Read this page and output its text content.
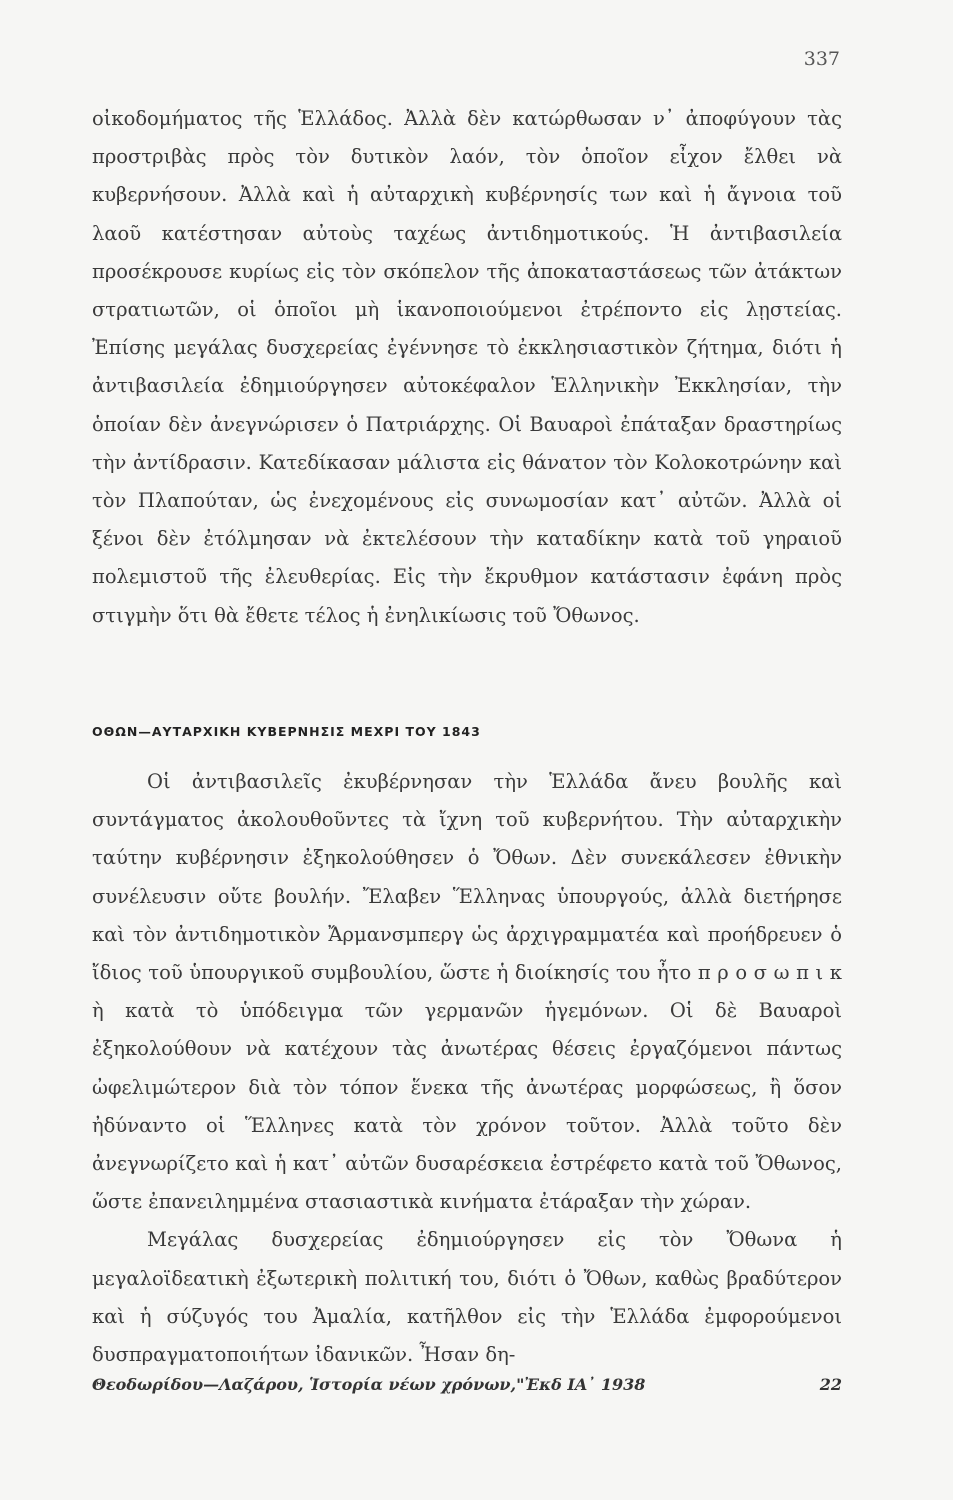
337

οἰκοδομήματος τῆς Ἑλλάδος. Ἀλλὰ δὲν κατώρθωσαν ν᾽ ἀποφύγουν τὰς προστριβὰς πρὸς τὸν δυτικὸν λαόν, τὸν ὁποῖον εἶχον ἔλθει νὰ κυβερνήσουν. Ἀλλὰ καὶ ἡ αὐταρχικὴ κυβέρνησίς των καὶ ἡ ἄγνοια τοῦ λαοῦ κατέστησαν αὐτοὺς ταχέως ἀντιδημοτικούς. Ἡ ἀντιβασιλεία προσέκρουσε κυρίως εἰς τὸν σκόπελον τῆς ἀποκαταστάσεως τῶν ἀτάκτων στρατιωτῶν, οἱ ὁποῖοι μὴ ἱκανοποιούμενοι ἐτρέποντο εἰς λῃστείας. Ἐπίσης μεγάλας δυσχερείας ἐγέννησε τὸ ἐκκλησιαστικὸν ζήτημα, διότι ἡ ἀντιβασιλεία ἐδημιούργησεν αὐτοκέφαλον Ἑλληνικὴν Ἐκκλησίαν, τὴν ὁποίαν δὲν ἀνεγνώρισεν ὁ Πατριάρχης. Οἱ Βαυαροὶ ἐπάταξαν δραστηρίως τὴν ἀντίδρασιν. Κατεδίκασαν μάλιστα εἰς θάνατον τὸν Κολοκοτρώνην καὶ τὸν Πλαπούταν, ὡς ἐνεχομένους εἰς συνωμοσίαν κατ᾽ αὐτῶν. Ἀλλὰ οἱ ξένοι δὲν ἐτόλμησαν νὰ ἐκτελέσουν τὴν καταδίκην κατὰ τοῦ γηραιοῦ πολεμιστοῦ τῆς ἐλευθερίας. Εἰς τὴν ἔκρυθμον κατάστασιν ἐφάνη πρὸς στιγμὴν ὅτι θὰ ἔθετε τέλος ἡ ἐνηλικίωσις τοῦ Ὄθωνος.

ΟΘΩΝ—ΑΥΤΑΡΧΙΚΗ ΚΥΒΕΡΝΗΣΙΣ ΜΕΧΡΙ ΤΟΥ 1843

Οἱ ἀντιβασιλεῖς ἐκυβέρνησαν τὴν Ἑλλάδα ἄνευ βουλῆς καὶ συντάγματος ἀκολουθοῦντες τὰ ἴχνη τοῦ κυβερνήτου. Τὴν αὐταρχικὴν ταύτην κυβέρνησιν ἐξηκολούθησεν ὁ Ὄθων. Δὲν συνεκάλεσεν ἐθνικὴν συνέλευσιν οὔτε βουλήν. Ἔλαβεν Ἕλληνας ὑπουργούς, ἀλλὰ διετήρησε καὶ τὸν ἀντιδημοτικὸν Ἄρμανσμπεργ ὡς ἀρχιγραμματέα καὶ προήδρευεν ὁ ἴδιος τοῦ ὑπουργικοῦ συμβουλίου, ὥστε ἡ διοίκησίς του ἦτο π ρ ο σ ω π ι κ ὴ κατὰ τὸ ὑπόδειγμα τῶν γερμανῶν ἡγεμόνων. Οἱ δὲ Βαυαροὶ ἐξηκολούθουν νὰ κατέχουν τὰς ἀνωτέρας θέσεις ἐργαζόμενοι πάντως ὠφελιμώτερον διὰ τὸν τόπον ἕνεκα τῆς ἀνωτέρας μορφώσεως, ἢ ὅσον ἠδύναντο οἱ Ἕλληνες κατὰ τὸν χρόνον τοῦτον. Ἀλλὰ τοῦτο δὲν ἀνεγνωρίζετο καὶ ἡ κατ᾽ αὐτῶν δυσαρέσκεια ἐστρέφετο κατὰ τοῦ Ὄθωνος, ὥστε ἐπανειλημμένα στασιαστικὰ κινήματα ἐτάραξαν τὴν χώραν.

Μεγάλας δυσχερείας ἐδημιούργησεν εἰς τὸν Ὄθωνα ἡ μεγαλοϊδεατικὴ ἐξωτερικὴ πολιτική του, διότι ὁ Ὄθων, καθὼς βραδύτερον καὶ ἡ σύζυγός του Ἀμαλία, κατῆλθον εἰς τὴν Ἑλλάδα ἐμφορούμενοι δυσπραγματοποιήτων ἰδανικῶν. Ἦσαν δη-

Θεοδωρίδου—Λαζάρου, Ἱστορία νέων χρόνων,"Ἐκδ ΙΑ᾽ 1938	22
